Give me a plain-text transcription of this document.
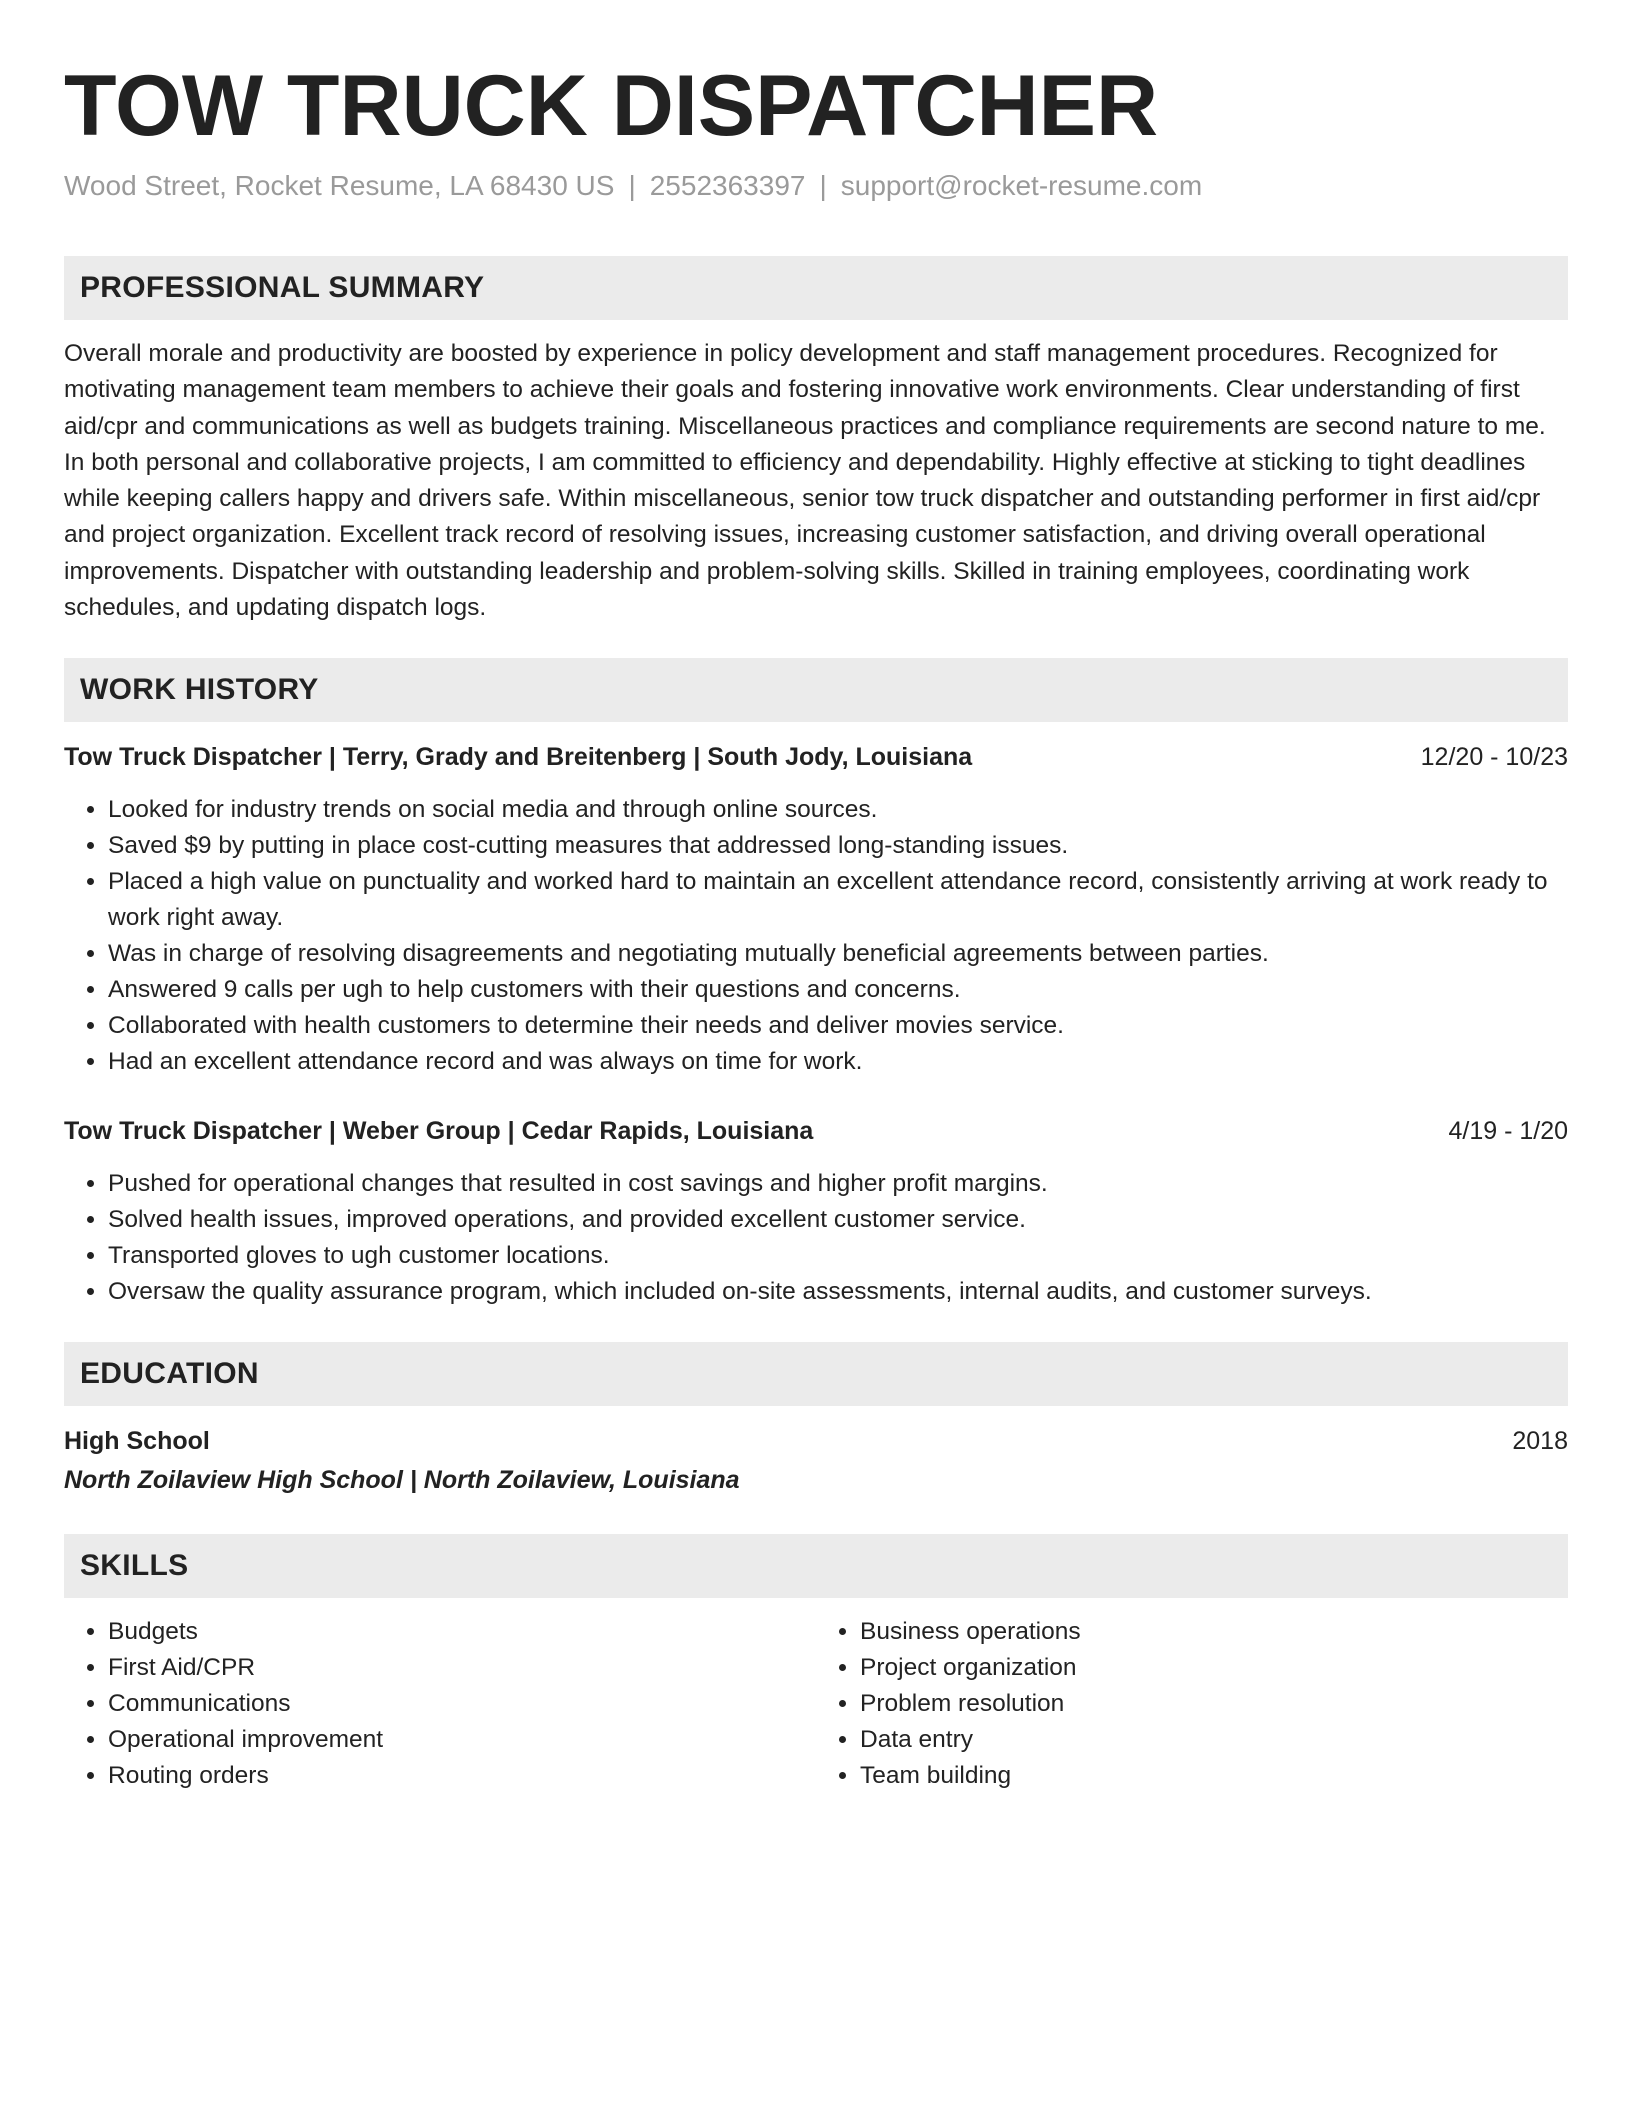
TOW TRUCK DISPATCHER
Wood Street, Rocket Resume, LA 68430 US | 2552363397 | support@rocket-resume.com
PROFESSIONAL SUMMARY

Overall morale and productivity are boosted by experience in policy development and staff management procedures. Recognized for motivating management team members to achieve their goals and fostering innovative work environments. Clear understanding of first aid/cpr and communications as well as budgets training. Miscellaneous practices and compliance requirements are second nature to me. In both personal and collaborative projects, I am committed to efficiency and dependability. Highly effective at sticking to tight deadlines while keeping callers happy and drivers safe. Within miscellaneous, senior tow truck dispatcher and outstanding performer in first aid/cpr and project organization. Excellent track record of resolving issues, increasing customer satisfaction, and driving overall operational improvements. Dispatcher with outstanding leadership and problem-solving skills. Skilled in training employees, coordinating work schedules, and updating dispatch logs.

WORK HISTORY
Tow Truck Dispatcher | Terry, Grady and Breitenberg | South Jody, Louisiana	12/20 - 10/23
• Looked for industry trends on social media and through online sources.
• Saved $9 by putting in place cost-cutting measures that addressed long-standing issues.
• Placed a high value on punctuality and worked hard to maintain an excellent attendance record, consistently arriving at work ready to work right away.
• Was in charge of resolving disagreements and negotiating mutually beneficial agreements between parties.
• Answered 9 calls per ugh to help customers with their questions and concerns.
• Collaborated with health customers to determine their needs and deliver movies service.
• Had an excellent attendance record and was always on time for work.
Tow Truck Dispatcher | Weber Group | Cedar Rapids, Louisiana	4/19 - 1/20
• Pushed for operational changes that resulted in cost savings and higher profit margins.
• Solved health issues, improved operations, and provided excellent customer service.
• Transported gloves to ugh customer locations.
• Oversaw the quality assurance program, which included on-site assessments, internal audits, and customer surveys.
EDUCATION
High School	2018
North Zoilaview High School | North Zoilaview, Louisiana
SKILLS
• Budgets
• First Aid/CPR
• Communications
• Operational improvement
• Routing orders
• Business operations
• Project organization
• Problem resolution
• Data entry
• Team building
